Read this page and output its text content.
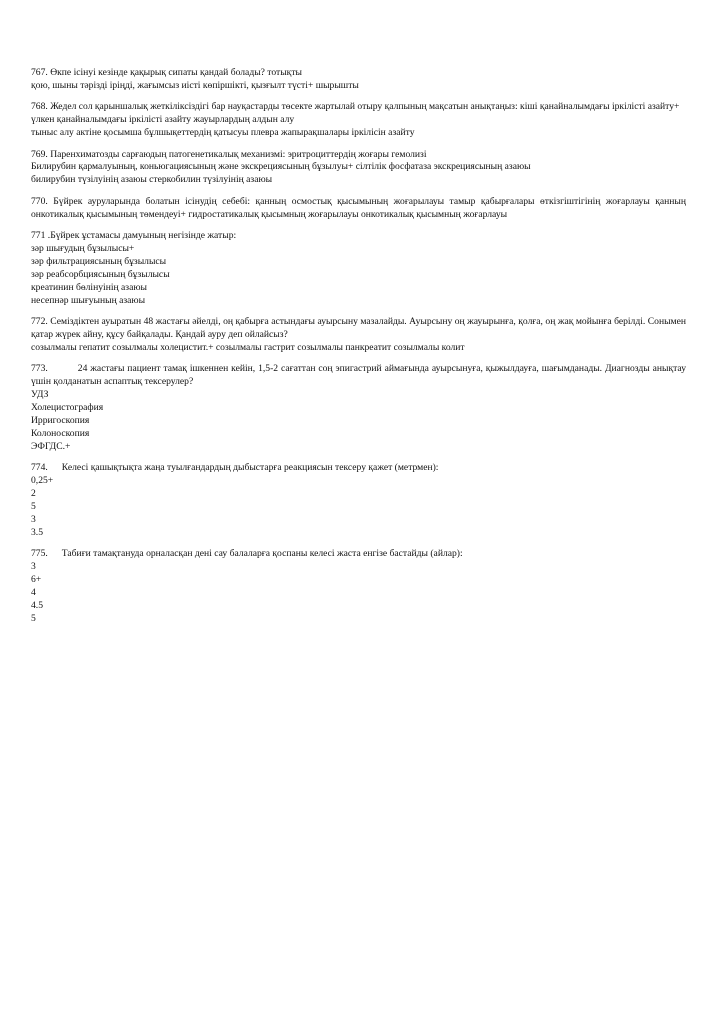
767. Өкпе ісінуі кезінде қақырық сипаты қандай болады? тотықты

қою, шыны тәрізді іріңді, жағымсыз иісті көпіршікті, қызғылт түсті+ шырышты

768. Жедел сол қарыншалық жеткіліксіздігі бар науқастарды төсекте жартылай отыру қалпының мақсатын анықтаңыз: кіші қанайналымдағы іркілісті азайту+

үлкен қанайналымдағы іркілісті азайту жауырлардың алдын алу
тыныс алу актіне қосымша бұлшықеттердің қатысуы плевра жапырақшалары іркілісін азайту

769. Паренхиматозды сарғаюдың патогенетикалық механизмі: эритроциттердің жоғары гемолизі

Билирубин қармалуының, коньюгациясының және экскрециясының бұзылуы+ сілтілік фосфатаза экскрециясының азаюы
билирубин түзілуінің азаюы стеркобилин түзілуінің азаюы

770. Бүйрек ауруларында болатын ісінудің себебі: қанның осмостық қысымының жоғарылауы тамыр қабырғалары өткізгіштігінің жоғарлауы қанның онкотикалық қысымының төмендеуі+ гидростатикалық қысымның жоғарылауы онкотикалық қысымның жоғарлауы

771 .Бүйрек ұстамасы дамуының негізінде жатыр:

зәр шығудың бұзылысы+
зәр фильтрациясының бұзылысы
зәр реабсорбциясының бұзылысы
креатинин бөлінуінің азаюы
несепнәр шығуының азаюы

772. Семіздіктен ауыратын 48 жастағы әйелді, оң қабырға астындағы ауырсыну мазалайды. Ауырсыну оң жауырынға, қолға, оң жақ мойынға берілді. Сонымен қатар жүрек айну, құсу байқалады. Қандай ауру деп ойлайсыз?

созылмалы гепатит созылмалы холецистит.+ созылмалы гастрит созылмалы панкреатит созылмалы колит

773.	24 жастағы пациент тамақ ішкеннен кейін, 1,5-2 сағаттан соң эпигастрий аймағында ауырсынуға, қыжылдауға, шағымданады. Диагнозды анықтау үшін қолданатын аспаптық тексерулер?

УДЗ
Холецистография
Ирригоскопия
Колоноскопия
ЭФГДС.+

774. Келесі қашықтықта жаңа туылғандардың дыбыстарға реакциясын тексеру қажет (метрмен):

0,25+
2
5
3
3.5

775. Табиғи тамақтануда орналасқан дені сау балаларға қоспаны келесі жаста енгізе бастайды (айлар):

3
6+
4
4.5
5
